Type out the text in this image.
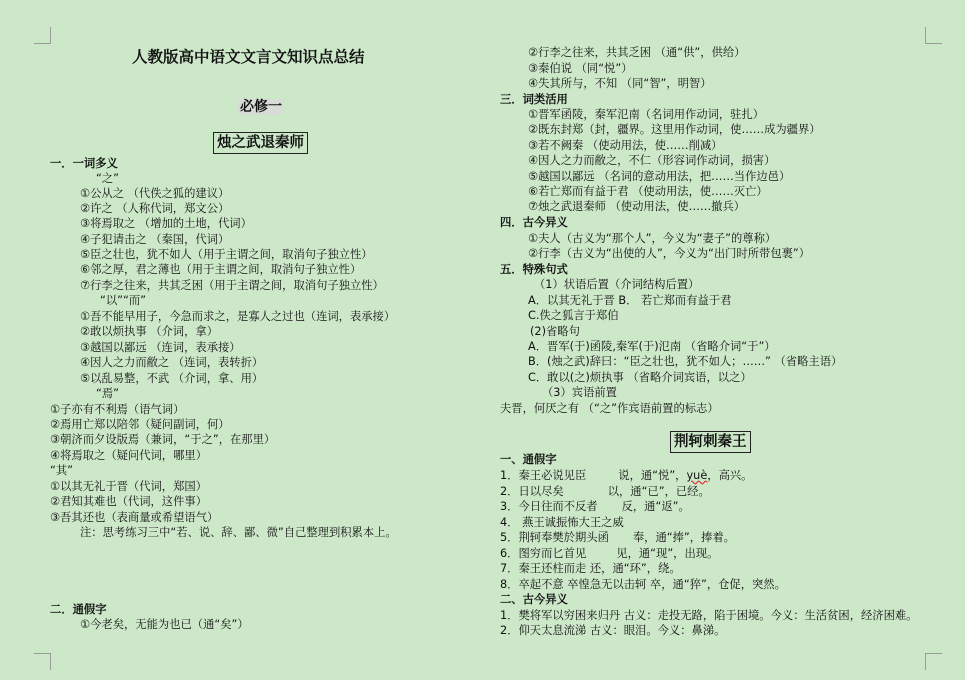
人教版高中语文文言文知识点总结
必修一
烛之武退秦师
一．一词多义
“之”
①公从之 （代佚之狐的建议）
②许之 （人称代词，郑文公）
③将焉取之 （增加的土地，代词）
④子犯请击之 （秦国，代词）
⑤臣之壮也，犹不如人（用于主谓之间，取消句子独立性）
⑥邻之厚，君之薄也（用于主谓之间，取消句子独立性）
⑦行李之往来，共其乏困（用于主谓之间，取消句子独立性）
“以”“而”
①吾不能早用子，今急而求之，是寡人之过也（连词，表承接）
②敢以烦执事 （介词，拿）
③越国以鄙远 （连词，表承接）
④因人之力而敝之 （连词，表转折）
⑤以乱易整，不武 （介词，拿、用）
“焉”
①子亦有不利焉（语气词）
②焉用亡郑以陪邻（疑问副词，何）
③朝济而夕设版焉（兼词，“于之”，在那里）
④将焉取之（疑问代词，哪里）
“其”
①以其无礼于晋（代词，郑国）
②君知其难也（代词，这件事）
③吾其还也（表商量或希望语气）
注：思考练习三中“若、说、辞、鄙、微”自己整理到积累本上。
二．通假字
①今老矣，无能为也已（通“矣”）
②行李之往来，共其乏困 （通“供”，供给）
③秦伯说 （同“悦”）
④失其所与，不知 （同“智”，明智）
三．词类活用
①晋军函陵，秦军氾南（名词用作动词，驻扎）
②既东封郑（封，疆界。这里用作动词，使……成为疆界）
③若不阙秦 （使动用法，使……削减）
④因人之力而敝之，不仁（形容词作动词，损害）
⑤越国以鄙远 （名词的意动用法，把……当作边邑）
⑥若亡郑而有益于君 （使动用法，使……灭亡）
⑦烛之武退秦师 （使动用法，使……撤兵）
四．古今异义
①夫人（古义为“那个人”，今义为“妻子”的尊称）
②行李（古义为“出使的人”，今义为“出门时所带包裹”）
五．特殊句式
（1）状语后置（介词结构后置）
A．以其无礼于晋 B． 若亡郑而有益于君
C.佚之狐言于郑伯
(2)省略句
A．晋军(于)函陵,秦军(于)氾南 （省略介词“于”）
B．(烛之武)辞曰：“臣之壮也，犹不如人；……” （省略主语）
C．敢以(之)烦执事 （省略介词宾语，以之）
（3）宾语前置
夫晋，何厌之有 （“之”作宾语前置的标志）
荆轲刺秦王
一、通假字
1．秦王必说见臣	说，通“悦”，yuè，高兴。
2．日以尽矣	以，通“已”，已经。
3．今日往而不反者 反，通“返”。
4． 燕王诚振怖大王之威
5．荆轲奉樊於期头函 奉，通“捧”，捧着。
6．图穷而匕首见	见，通“现”，出现。
7．秦王还柱而走 还，通“环”，绕。
8．卒起不意 卒惶急无以击轲 卒，通“猝”，仓促，突然。
二、古今异义
1．樊将军以穷困来归丹 古义：走投无路，陷于困境。今义：生活贫困，经济困难。
2．仰天太息流涕 古义：眼泪。今义：鼻涕。
